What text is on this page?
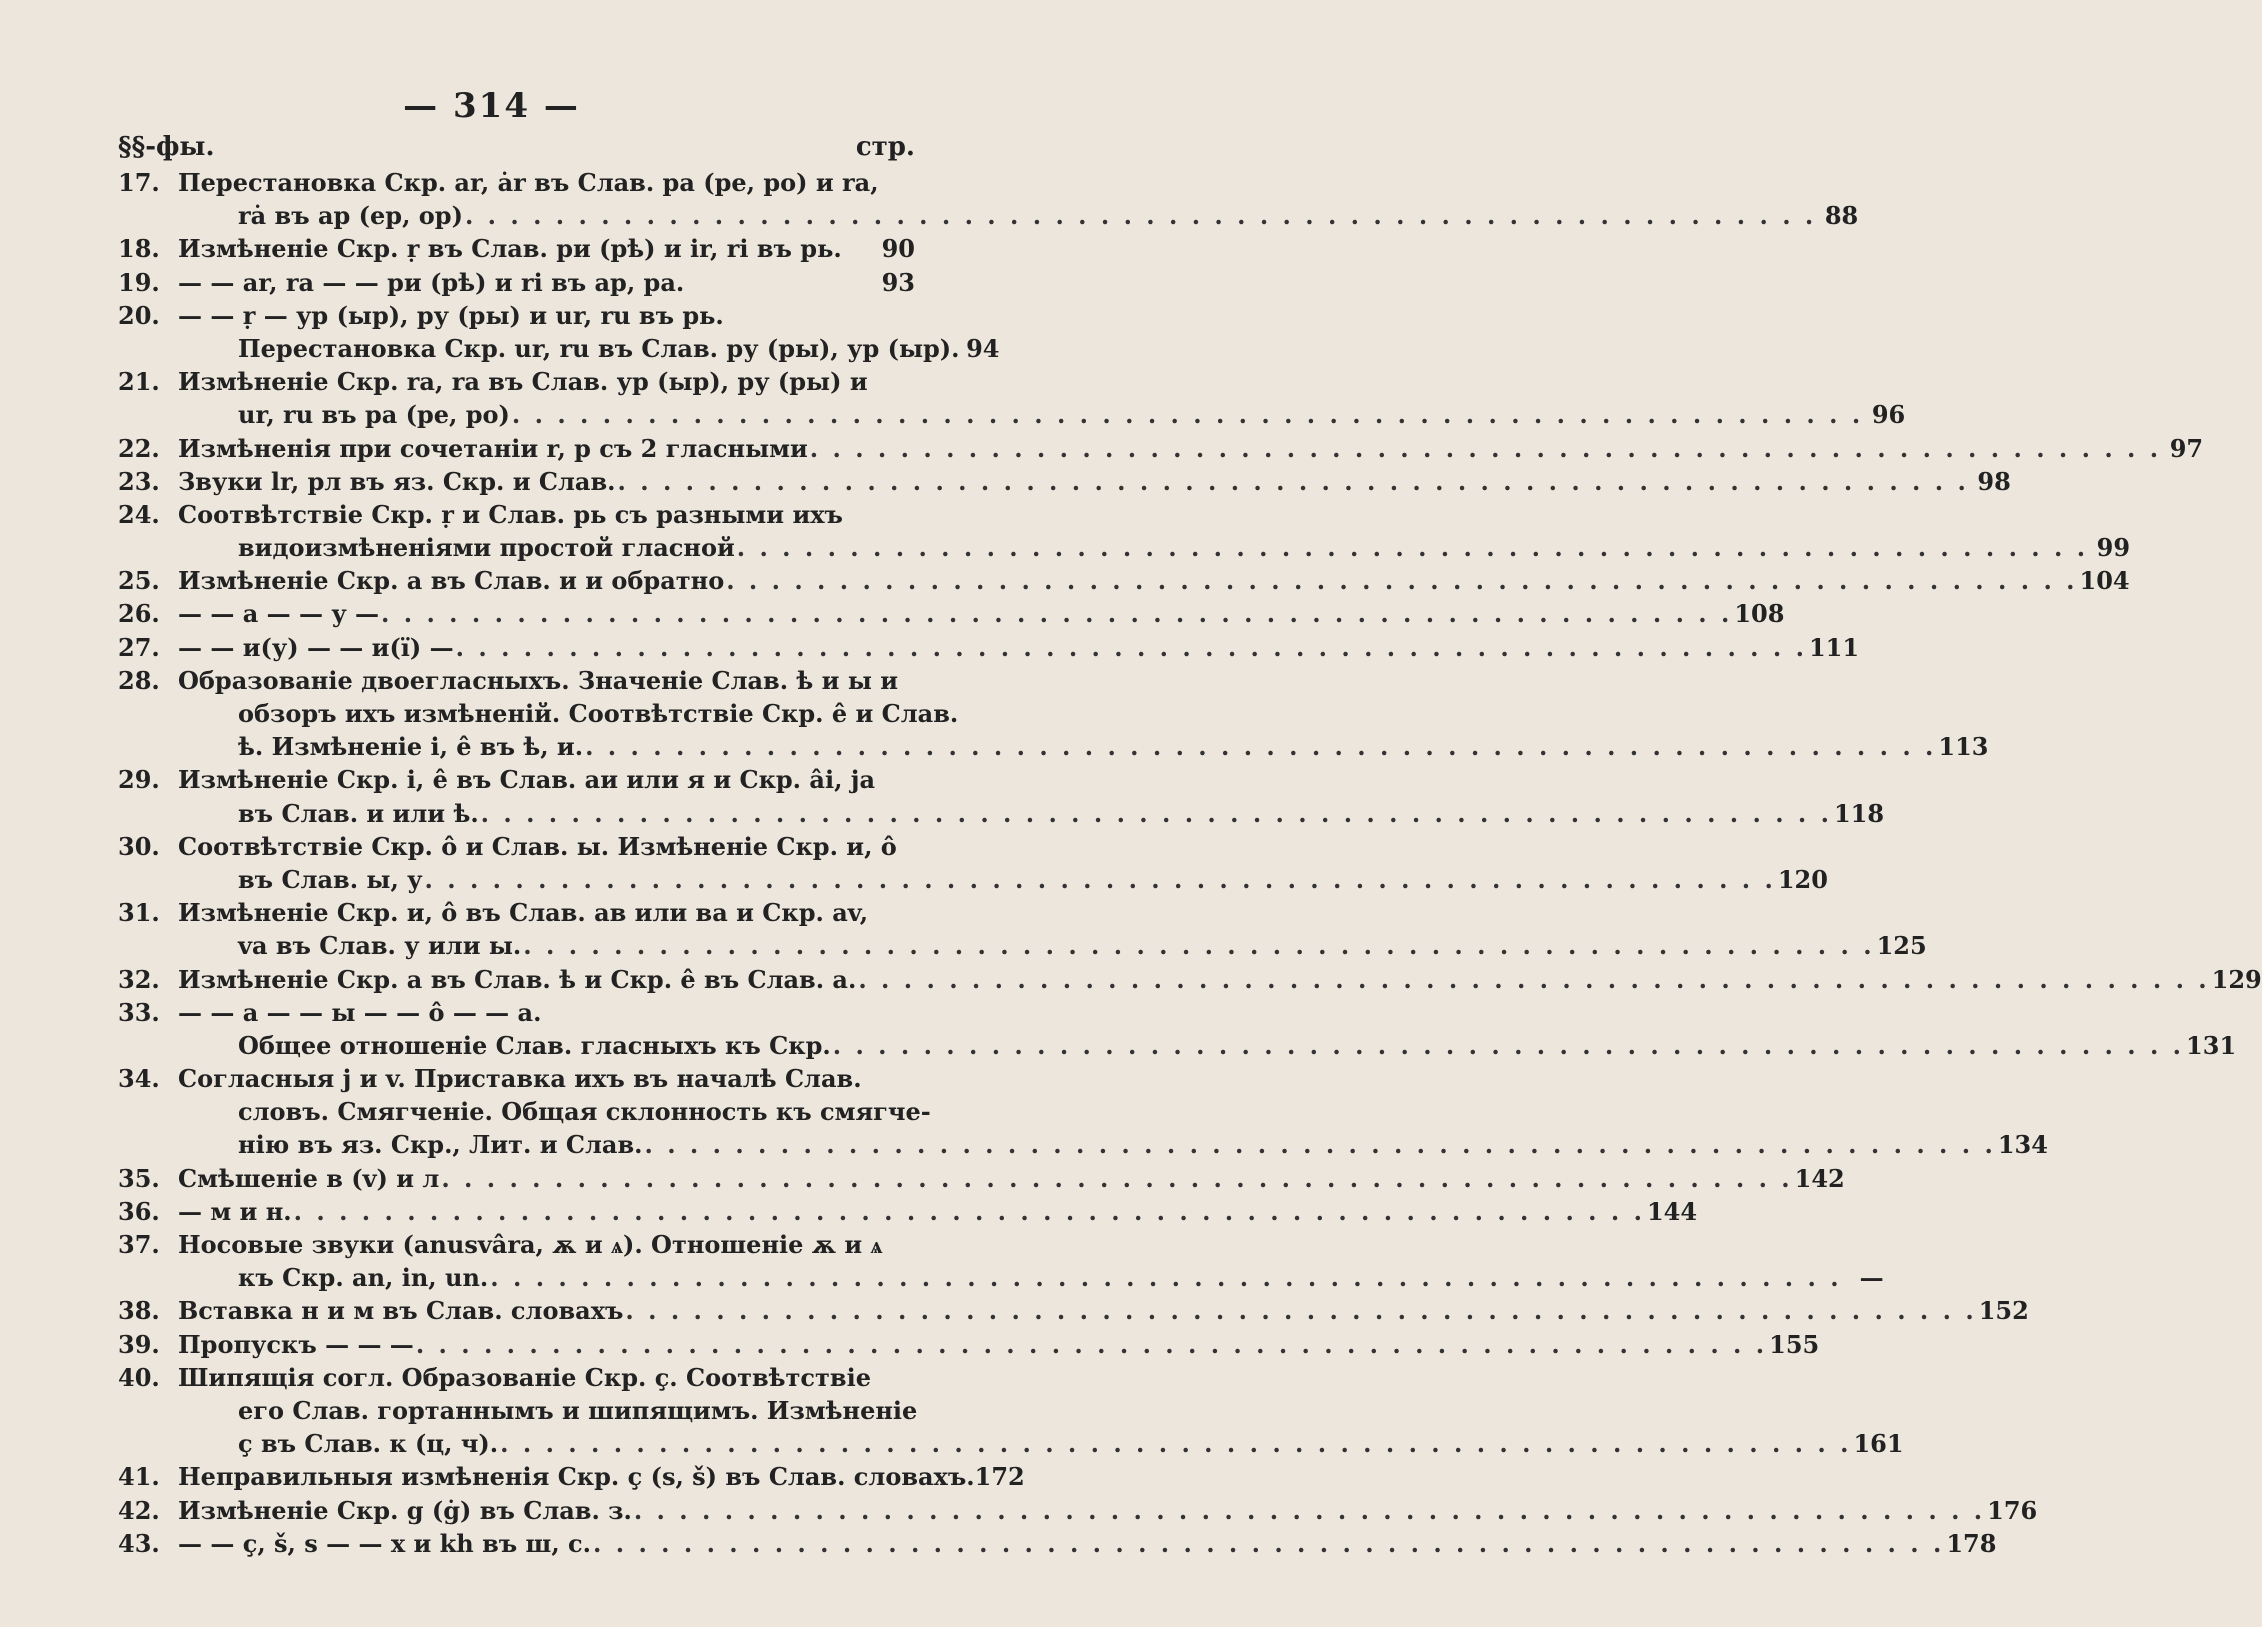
— 314 —
§§-фы.	стр.
17. Перестановка Скр. ar, ȧr въ Слав. ра (ре, ро) и ra,
rȧ въ ар (ер, ор) . . .	88
18. Измѣненіе Скр. ṛ въ Слав. ри (рѣ) и ir, ri въ рь. 90
19. — — ar, ra — — ри (рѣ) и ri въ ар, ра.	93
20. — — ṛ — ур (ыр), ру (ры) и ur, ru въ рь.
Перестановка Скр. ur, ru въ Слав. ру (ры), ур (ыр). 94
21. Измѣненіе Скр. ra, ra въ Слав. ур (ыр), ру (ры) и
ur, ru въ ра (ре, ро) . . .	96
22. Измѣненія при сочетаніи r, р съ 2 гласными . . .	97
23. Звуки lr, рл въ яз. Скр. и Слав. . . .	98
24. Соотвѣтствіе Скр. ṛ и Слав. рь съ разными ихъ
видоизмѣненіями простой гласной . . .	99
25. Измѣненіе Скр. а въ Слав. и и обратно . . .	104
26. — — а — — у — . . .	108
27. — — и(у) — — и(ї) — . . .	111
28. Образованіе двоегласныхъ. Значеніе Слав. ѣ и ы и
обзоръ ихъ измѣненій. Соотвѣтствіе Скр. ê и Слав.
ѣ. Измѣненіе і, ê въ ѣ, и. . . .	113
29. Измѣненіе Скр. і, ê въ Слав. аи или я и Скр. âi, ja
въ Слав. и или ѣ. . . .	118
30. Соотвѣтствіе Скр. ô и Слав. ы. Измѣненіе Скр. и, ô
въ Слав. ы, у . . .	120
31. Измѣненіе Скр. и, ô въ Слав. ав или ва и Скр. av,
va въ Слав. у или ы. . . .	125
32. Измѣненіе Скр. а въ Слав. ѣ и Скр. ê въ Слав. а. . . .	129
33. — — а — — ы — — ô — — а.
Общее отношеніе Слав. гласныхъ къ Скр. . . .	131
34. Согласныя j и v. Приставка ихъ въ началѣ Слав.
словъ. Смягченіе. Общая склонность къ смягче-
нію въ яз. Скр., Лит. и Слав. . . .	134
35. Смѣшеніе в (v) и л . . .	142
36. — м и н. . . .	144
37. Носовые звуки (anusvâra, ѫ и ѧ). Отношеніе ѫ и ѧ
къ Скр. an, in, un. . . .	—
38. Вставка н и м въ Слав. словахъ . . .	152
39. Пропускъ — — — . . .	155
40. Шипящія согл. Образованіе Скр. ç. Соотвѣтствіе
его Слав. гортаннымъ и шипящимъ. Измѣненіе
ç въ Слав. к (ц, ч). . . .	161
41. Неправильныя измѣненія Скр. ç (s, š) въ Слав. словахъ. 172
42. Измѣненіе Скр. g (ġ) въ Слав. з. . . .	176
43. — — ç, š, s — — х и kh въ ш, с. . . .	178
